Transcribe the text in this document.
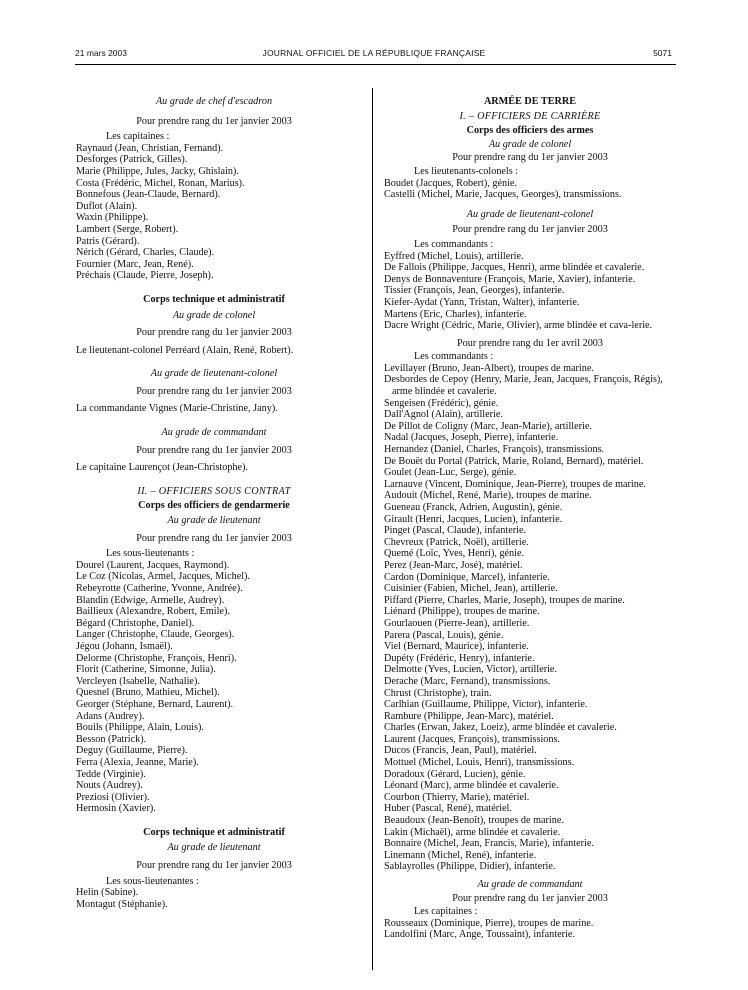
21 mars 2003	JOURNAL OFFICIEL DE LA RÉPUBLIQUE FRANÇAISE	5071
Au grade de chef d'escadron
Pour prendre rang du 1er janvier 2003
Les capitaines :
Raynaud (Jean, Christian, Fernand).
Desforges (Patrick, Gilles).
Marie (Philippe, Jules, Jacky, Ghislain).
Costa (Frédéric, Michel, Ronan, Marius).
Bonnefous (Jean-Claude, Bernard).
Duflot (Alain).
Waxin (Philippe).
Lambert (Serge, Robert).
Patris (Gérard).
Nérich (Gérard, Charles, Claude).
Fournier (Marc, Jean, René).
Préchais (Claude, Pierre, Joseph).
Corps technique et administratif
Au grade de colonel
Pour prendre rang du 1er janvier 2003
Le lieutenant-colonel Perréard (Alain, René, Robert).
Au grade de lieutenant-colonel
Pour prendre rang du 1er janvier 2003
La commandante Vignes (Marie-Christine, Jany).
Au grade de commandant
Pour prendre rang du 1er janvier 2003
Le capitaine Laurençot (Jean-Christophe).
II. – OFFICIERS SOUS CONTRAT
Corps des officiers de gendarmerie
Au grade de lieutenant
Pour prendre rang du 1er janvier 2003
Les sous-lieutenants :
Dourel (Laurent, Jacques, Raymond).
Le Coz (Nicolas, Armel, Jacques, Michel).
Rebeyrotte (Catherine, Yvonne, Andrée).
Blandin (Edwige, Armelle, Audrey).
Baillieux (Alexandre, Robert, Emile).
Bégard (Christophe, Daniel).
Langer (Christophe, Claude, Georges).
Jégou (Johann, Ismaël).
Delorme (Christophe, François, Henri).
Florit (Catherine, Simonne, Julia).
Vercleyen (Isabelle, Nathalie).
Quesnel (Bruno, Mathieu, Michel).
Georger (Stéphane, Bernard, Laurent).
Adans (Audrey).
Bouils (Philippe, Alain, Louis).
Besson (Patrick).
Deguy (Guillaume, Pierre).
Ferra (Alexia, Jeanne, Marie).
Tedde (Virginie).
Nouts (Audrey).
Preziosi (Olivier).
Hermosin (Xavier).
Corps technique et administratif
Au grade de lieutenant
Pour prendre rang du 1er janvier 2003
Les sous-lieutenantes :
Helin (Sabine).
Montagut (Stéphanie).
ARMÉE DE TERRE
I. – OFFICIERS DE CARRIÈRE
Corps des officiers des armes
Au grade de colonel
Pour prendre rang du 1er janvier 2003
Les lieutenants-colonels :
Boudet (Jacques, Robert), génie.
Castelli (Michel, Marie, Jacques, Georges), transmissions.
Au grade de lieutenant-colonel
Pour prendre rang du 1er janvier 2003
Les commandants :
Eyffred (Michel, Louis), artillerie.
De Fallois (Philippe, Jacques, Henri), arme blindée et cavalerie.
Denys de Bonnaventure (François, Marie, Xavier), infanterie.
Tissier (François, Jean, Georges), infanterie.
Kiefer-Aydat (Yann, Tristan, Walter), infanterie.
Martens (Eric, Charles), infanterie.
Dacre Wright (Cédric, Marie, Olivier), arme blindée et cava-lerie.
Pour prendre rang du 1er avril 2003
Les commandants :
Levillayer (Bruno, Jean-Albert), troupes de marine.
Desbordes de Cepoy (Henry, Marie, Jean, Jacques, François, Régis), arme blindée et cavalerie.
Sengeisen (Frédéric), génie.
Dall'Agnol (Alain), artillerie.
De Pillot de Coligny (Marc, Jean-Marie), artillerie.
Nadal (Jacques, Joseph, Pierre), infanterie.
Hernandez (Daniel, Charles, François), transmissions.
De Bouët du Portal (Patrick, Marie, Roland, Bernard), matériel.
Goulet (Jean-Luc, Serge), génie.
Larnauve (Vincent, Dominique, Jean-Pierre), troupes de marine.
Audouit (Michel, René, Marie), troupes de marine.
Gueneau (Franck, Adrien, Augustin), génie.
Girault (Henri, Jacques, Lucien), infanterie.
Pinget (Pascal, Claude), infanterie.
Chevreux (Patrick, Noël), artillerie.
Quemé (Loïc, Yves, Henri), génie.
Perez (Jean-Marc, José), matériel.
Cardon (Dominique, Marcel), infanterie.
Cuisinier (Fabien, Michel, Jean), artillerie.
Piffard (Pierre, Charles, Marie, Joseph), troupes de marine.
Liénard (Philippe), troupes de marine.
Gourlaouen (Pierre-Jean), artillerie.
Parera (Pascal, Louis), génie.
Viel (Bernard, Maurice), infanterie.
Dupéty (Frédéric, Henry), infanterie.
Delmotte (Yves, Lucien, Victor), artillerie.
Derache (Marc, Fernand), transmissions.
Chrust (Christophe), train.
Carlhian (Guillaume, Philippe, Victor), infanterie.
Rambure (Philippe, Jean-Marc), matériel.
Charles (Erwan, Jakez, Loeiz), arme blindée et cavalerie.
Laurent (Jacques, François), transmissions.
Ducos (Francis, Jean, Paul), matériel.
Mottuel (Michel, Louis, Henri), transmissions.
Doradoux (Gérard, Lucien), génie.
Léonard (Marc), arme blindée et cavalerie.
Courbon (Thierry, Marie), matériel.
Huber (Pascal, René), matériel.
Beaudoux (Jean-Benoît), troupes de marine.
Lakin (Michaël), arme blindée et cavalerie.
Bonnaire (Michel, Jean, Francis, Marie), infanterie.
Linemann (Michel, René), infanterie.
Sablayrolles (Philippe, Didier), infanterie.
Au grade de commandant
Pour prendre rang du 1er janvier 2003
Les capitaines :
Rousseaux (Dominique, Pierre), troupes de marine.
Landolfini (Marc, Ange, Toussaint), infanterie.
